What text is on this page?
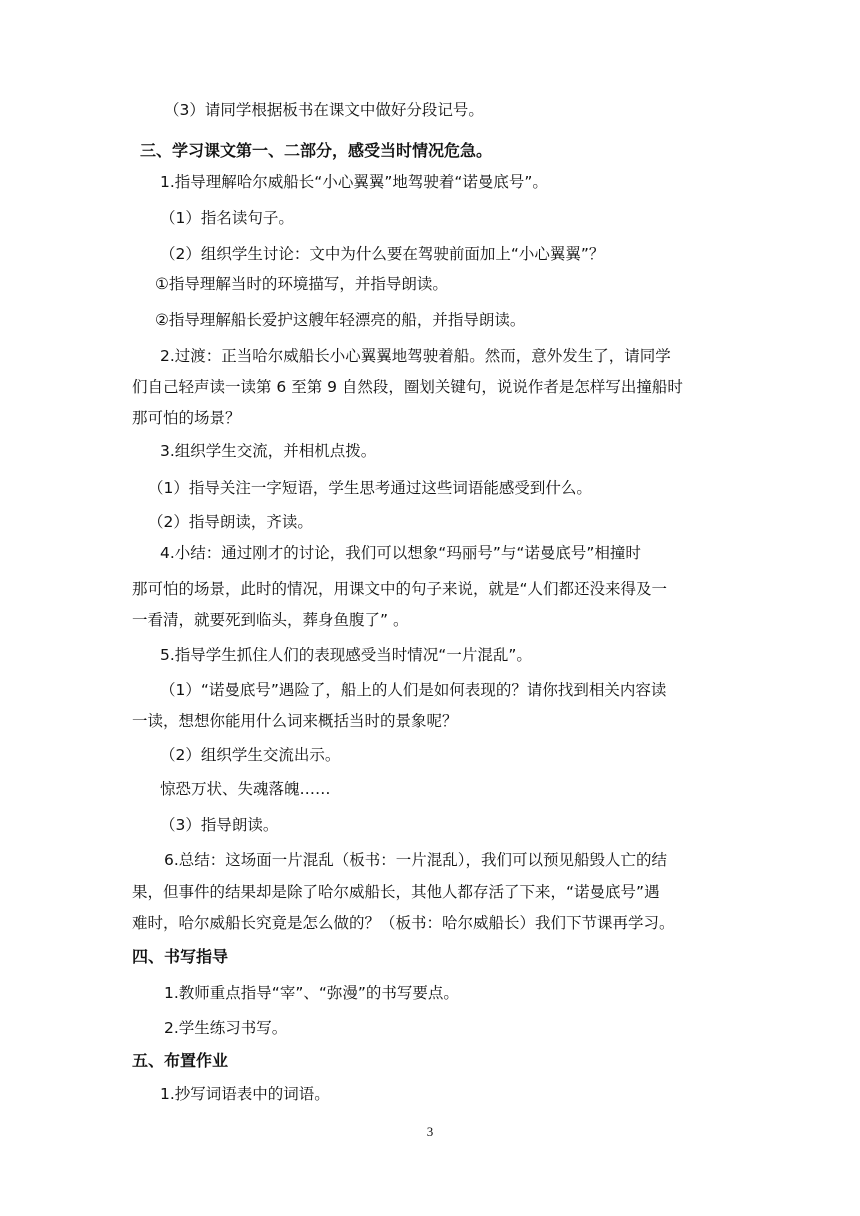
（3）请同学根据板书在课文中做好分段记号。
三、学习课文第一、二部分，感受当时情况危急。
1.指导理解哈尔威船长“小心翼翼”地驾驶着“诺曼底号”。
（1）指名读句子。
（2）组织学生讨论：文中为什么要在驾驶前面加上“小心翼翼”？
①指导理解当时的环境描写，并指导朗读。
②指导理解船长爱护这艘年轻漂亮的船，并指导朗读。
2.过渡：正当哈尔威船长小心翼翼地驾驶着船。然而，意外发生了，请同学
们自己轻声读一读第 6 至第 9 自然段，圈划关键句，说说作者是怎样写出撞船时
那可怕的场景？
3.组织学生交流，并相机点拨。
（1）指导关注一字短语，学生思考通过这些词语能感受到什么。
（2）指导朗读，齐读。
4.小结：通过刚才的讨论，我们可以想象“玛丽号”与“诺曼底号”相撞时
那可怕的场景，此时的情况，用课文中的句子来说，就是“人们都还没来得及一
一看清，就要死到临头，葬身鱼腹了” 。
5.指导学生抓住人们的表现感受当时情况“一片混乱”。
（1）“诺曼底号”遇险了，船上的人们是如何表现的？请你找到相关内容读
一读，想想你能用什么词来概括当时的景象呢？
（2）组织学生交流出示。
惊恐万状、失魂落魄……
（3）指导朗读。
6.总结：这场面一片混乱（板书：一片混乱），我们可以预见船毁人亡的结
果，但事件的结果却是除了哈尔威船长，其他人都存活了下来，“诺曼底号”遇
难时，哈尔威船长究竟是怎么做的？（板书：哈尔威船长）我们下节课再学习。
四、书写指导
1.教师重点指导“宰”、“弥漫”的书写要点。
2.学生练习书写。
五、布置作业
1.抄写词语表中的词语。
3
